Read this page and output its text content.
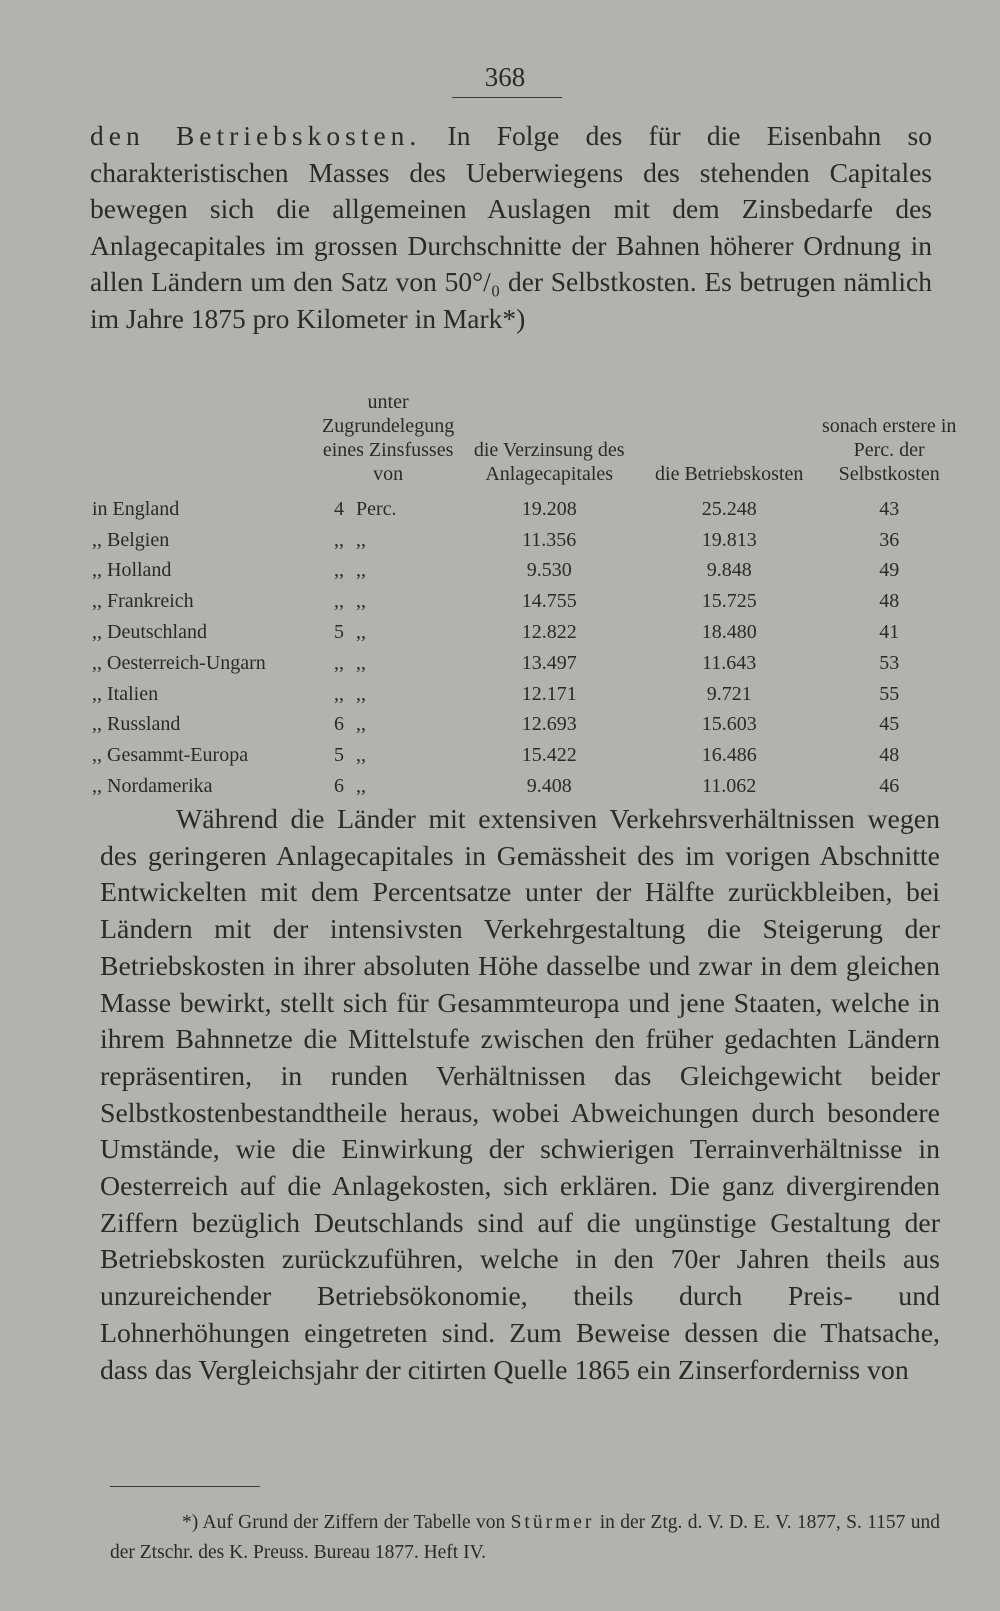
368

den Betriebskosten. In Folge des für die Eisenbahn so charakteristischen Masses des Ueberwiegens des stehenden Capitales bewegen sich die allgemeinen Auslagen mit dem Zinsbedarfe des Anlagecapitales im grossen Durchschnitte der Bahnen höherer Ordnung in allen Ländern um den Satz von 50°/₀ der Selbstkosten. Es betrugen nämlich im Jahre 1875 pro Kilometer in Mark*)

	unter Zugrundelegung eines Zinsfusses von	die Verzinsung des Anlagecapitales	die Betriebskosten	sonach erstere in Perc. der Selbstkosten
in England	4 Perc.	19.208	25.248	43
,, Belgien	,, ,,	11.356	19.813	36
,, Holland	,, ,,	9.530	9.848	49
,, Frankreich	,, ,,	14.755	15.725	48
,, Deutschland	5 ,,	12.822	18.480	41
,, Oesterreich-Ungarn	,, ,,	13.497	11.643	53
,, Italien	,, ,,	12.171	9.721	55
,, Russland	6 ,,	12.693	15.603	45
,, Gesammt-Europa	5 ,,	15.422	16.486	48
,, Nordamerika	6 ,,	9.408	11.062	46

Während die Länder mit extensiven Verkehrsverhältnissen wegen des geringeren Anlagecapitales in Gemässheit des im vorigen Abschnitte Entwickelten mit dem Percentsatze unter der Hälfte zurückbleiben, bei Ländern mit der intensivsten Verkehrgestaltung die Steigerung der Betriebskosten in ihrer absoluten Höhe dasselbe und zwar in dem gleichen Masse bewirkt, stellt sich für Gesammteuropa und jene Staaten, welche in ihrem Bahnnetze die Mittelstufe zwischen den früher gedachten Ländern repräsentiren, in runden Verhältnissen das Gleichgewicht beider Selbstkostenbestandtheile heraus, wobei Abweichungen durch besondere Umstände, wie die Einwirkung der schwierigen Terrainverhältnisse in Oesterreich auf die Anlagekosten, sich erklären. Die ganz divergirenden Ziffern bezüglich Deutschlands sind auf die ungünstige Gestaltung der Betriebskosten zurückzuführen, welche in den 70er Jahren theils aus unzureichender Betriebsökonomie, theils durch Preis- und Lohnerhöhungen eingetreten sind. Zum Beweise dessen die Thatsache, dass das Vergleichsjahr der citirten Quelle 1865 ein Zinserforderniss von

*) Auf Grund der Ziffern der Tabelle von Stürmer in der Ztg. d. V. D. E. V. 1877, S. 1157 und der Ztschr. des K. Preuss. Bureau 1877. Heft IV.
